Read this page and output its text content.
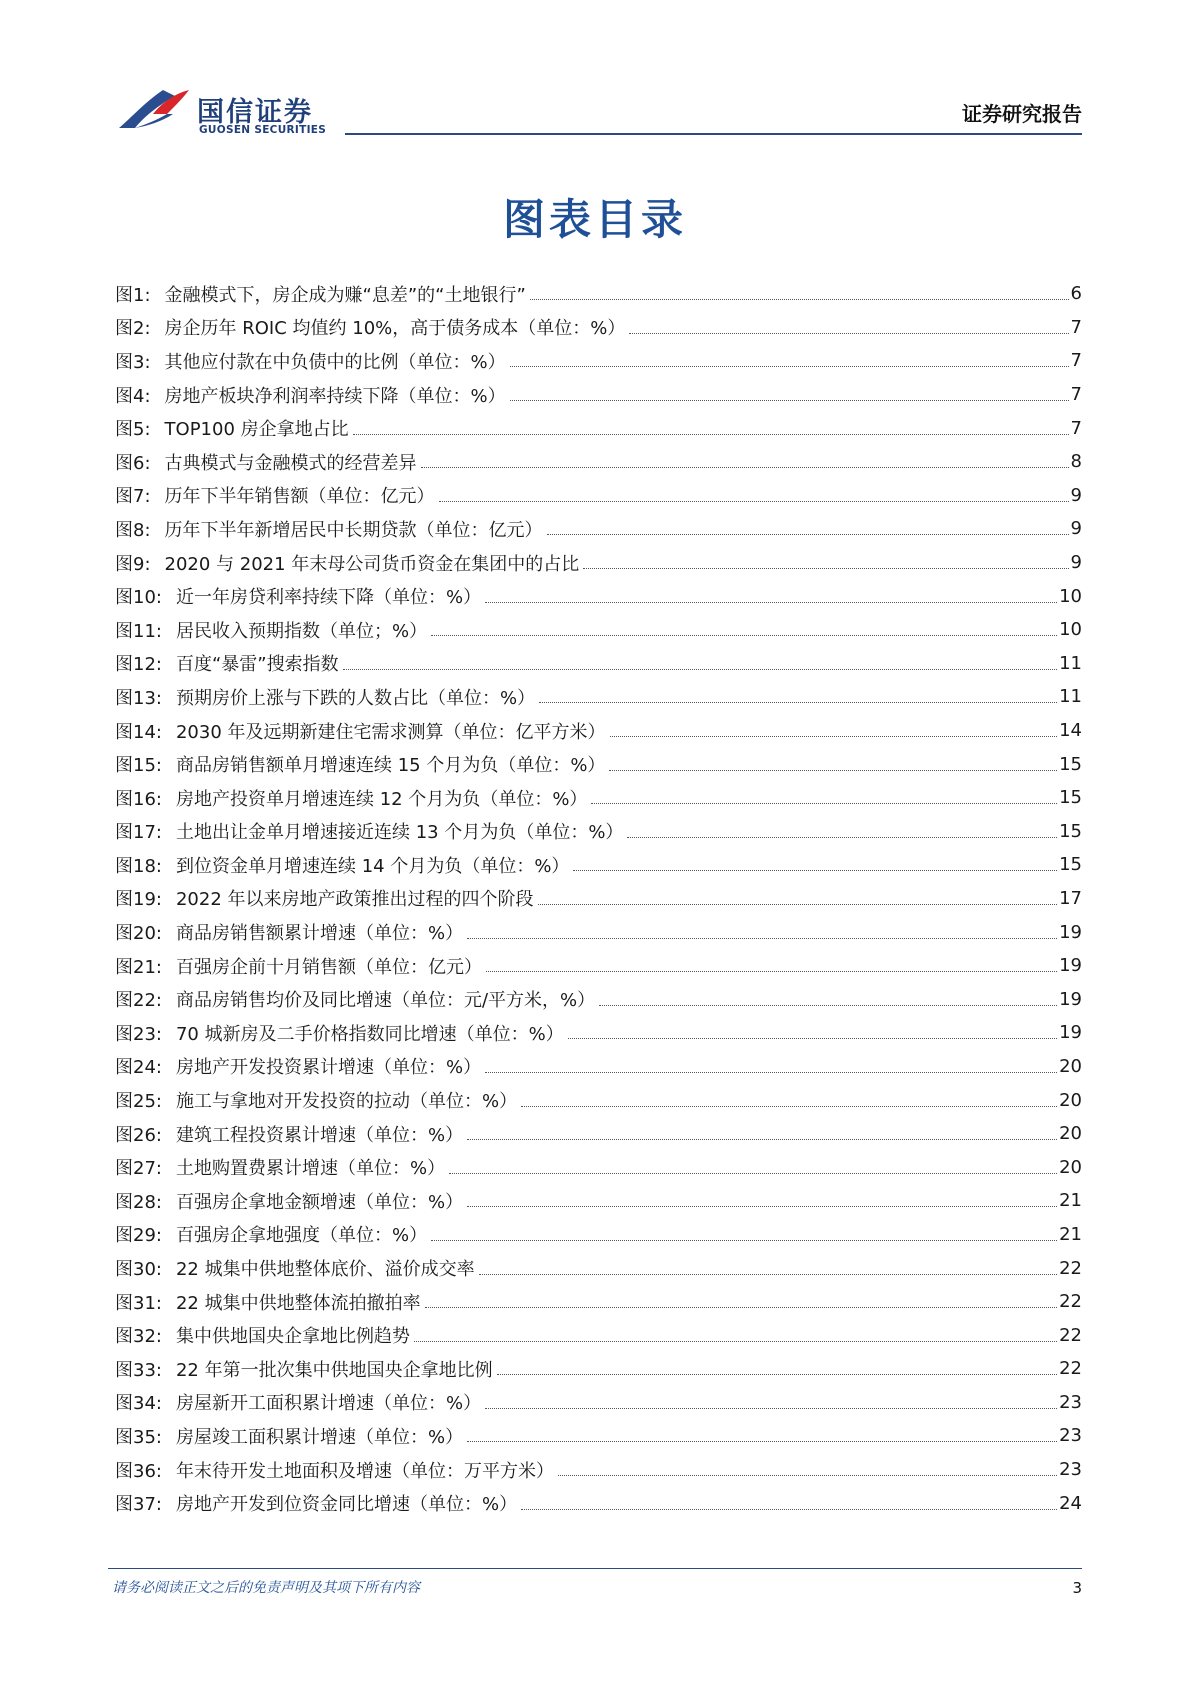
国信证券
GUOSEN SECURITIES
证券研究报告
图表目录
图1: 金融模式下，房企成为赚“息差”的“土地银行”	6
图2: 房企历年 ROIC 均值约 10%，高于债务成本（单位：%）	7
图3: 其他应付款在中负债中的比例（单位：%）	7
图4: 房地产板块净利润率持续下降（单位：%）	7
图5: TOP100 房企拿地占比	7
图6: 古典模式与金融模式的经营差异	8
图7: 历年下半年销售额（单位：亿元）	9
图8: 历年下半年新增居民中长期贷款（单位：亿元）	9
图9: 2020 与 2021 年末母公司货币资金在集团中的占比	9
图10: 近一年房贷利率持续下降（单位：%）	10
图11: 居民收入预期指数（单位；%）	10
图12: 百度“暴雷”搜索指数	11
图13: 预期房价上涨与下跌的人数占比（单位：%）	11
图14: 2030 年及远期新建住宅需求测算（单位：亿平方米）	14
图15: 商品房销售额单月增速连续 15 个月为负（单位：%）	15
图16: 房地产投资单月增速连续 12 个月为负（单位：%）	15
图17: 土地出让金单月增速接近连续 13 个月为负（单位：%）	15
图18: 到位资金单月增速连续 14 个月为负（单位：%）	15
图19: 2022 年以来房地产政策推出过程的四个阶段	17
图20: 商品房销售额累计增速（单位：%）	19
图21: 百强房企前十月销售额（单位：亿元）	19
图22: 商品房销售均价及同比增速（单位：元/平方米，%）	19
图23: 70 城新房及二手价格指数同比增速（单位：%）	19
图24: 房地产开发投资累计增速（单位：%）	20
图25: 施工与拿地对开发投资的拉动（单位：%）	20
图26: 建筑工程投资累计增速（单位：%）	20
图27: 土地购置费累计增速（单位：%）	20
图28: 百强房企拿地金额增速（单位：%）	21
图29: 百强房企拿地强度（单位：%）	21
图30: 22 城集中供地整体底价、溢价成交率	22
图31: 22 城集中供地整体流拍撤拍率	22
图32: 集中供地国央企拿地比例趋势	22
图33: 22 年第一批次集中供地国央企拿地比例	22
图34: 房屋新开工面积累计增速（单位：%）	23
图35: 房屋竣工面积累计增速（单位：%）	23
图36: 年末待开发土地面积及增速（单位：万平方米）	23
图37: 房地产开发到位资金同比增速（单位：%）	24
请务必阅读正文之后的免责声明及其项下所有内容	3
